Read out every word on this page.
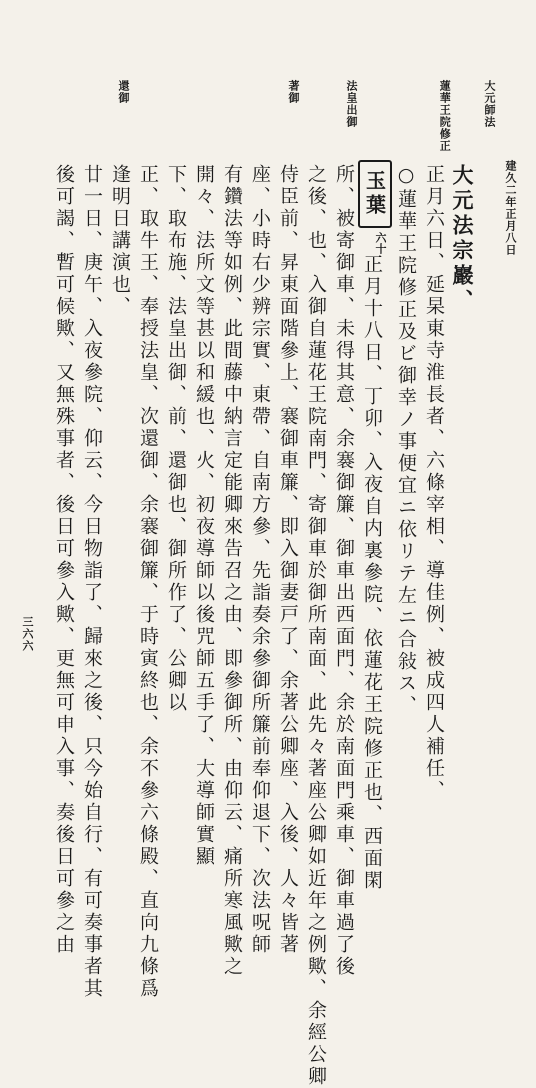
建久二年正月八日
三六六
大元師法
蓮華王院修正
法皇出御
著御
還御
玉葉
六十	大元法宗巖、
正月六日、延杲東寺淮長者、六條宰相、導佳例、被成四人補任、
○蓮華王院修正及ビ御幸ノ事便宜ニ依リテ左ニ合敍ス、
正月十八日、丁卯、入夜自内裏參院、依蓮花王院修正也、西面閑
所、被寄御車、未得其意、余褰御簾、御車出西面門、余於南面門乘車、御車過了後
之後、也、入御自蓮花王院南門、寄御車於御所南面、此先々著座公卿如近年之例歟、余經公卿
侍臣前、昇東面階參上、褰御車簾、即入御妻戸了、余著公卿座、入後、人々皆著
座、小時右少辨宗實、東帶、自南方參、先詣奏余參御所簾前奉仰退下、次法呪師
有鑽法等如例、此間藤中納言定能卿來告召之由、即參御所、由仰云、痛所寒風歟之
開々、法所文等甚以和緩也、火、初夜導師以後咒師五手了、大導師實顯
下、取布施、法皇出御、前、還御也、御所作了、公卿以
正、取牛王、奉授法皇、次還御、余褰御簾、于時寅終也、余不參六條殿、直向九條爲
逢明日講演也、
廿一日、庚午、入夜參院、仰云、今日物詣了、歸來之後、只今始自行、有可奏事者其
後可謁、暫可候歟、又無殊事者、後日可參入歟、更無可申入事、奏後日可參之由
